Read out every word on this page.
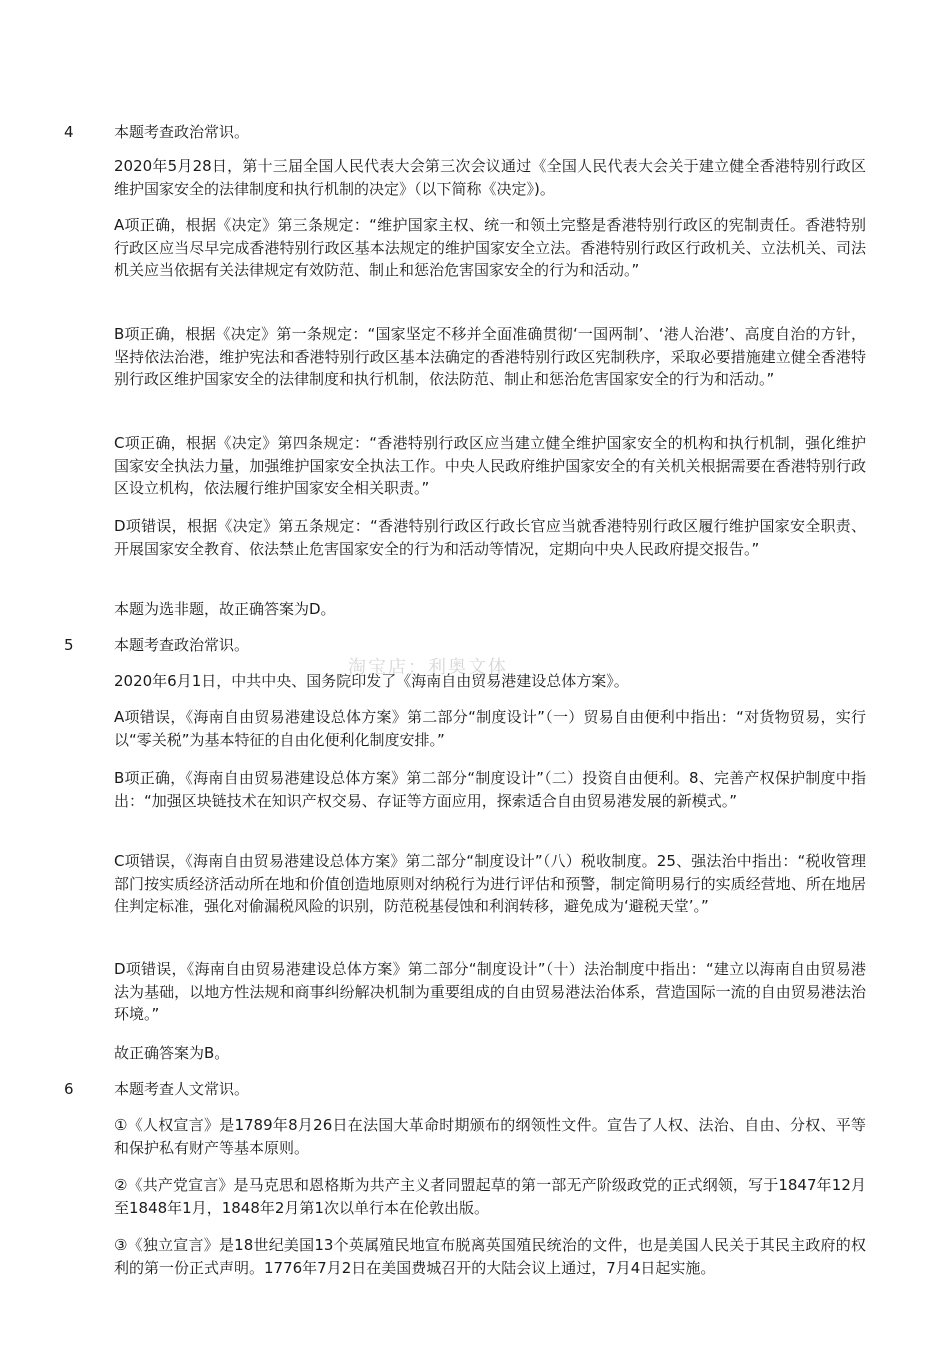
淘宝店：利奥文体
4	本题考查政治常识。
2020年5月28日，第十三届全国人民代表大会第三次会议通过《全国人民代表大会关于建立健全香港特别行政区维护国家安全的法律制度和执行机制的决定》（以下简称《决定》)。
A项正确，根据《决定》第三条规定：“维护国家主权、统一和领土完整是香港特别行政区的宪制责任。香港特别行政区应当尽早完成香港特别行政区基本法规定的维护国家安全立法。香港特别行政区行政机关、立法机关、司法机关应当依据有关法律规定有效防范、制止和惩治危害国家安全的行为和活动。”
B项正确，根据《决定》第一条规定：“国家坚定不移并全面准确贯彻‘一国两制’、‘港人治港’、高度自治的方针，坚持依法治港，维护宪法和香港特别行政区基本法确定的香港特别行政区宪制秩序，采取必要措施建立健全香港特别行政区维护国家安全的法律制度和执行机制，依法防范、制止和惩治危害国家安全的行为和活动。”
C项正确，根据《决定》第四条规定：“香港特别行政区应当建立健全维护国家安全的机构和执行机制，强化维护国家安全执法力量，加强维护国家安全执法工作。中央人民政府维护国家安全的有关机关根据需要在香港特别行政区设立机构，依法履行维护国家安全相关职责。”
D项错误，根据《决定》第五条规定：“香港特别行政区行政长官应当就香港特别行政区履行维护国家安全职责、开展国家安全教育、依法禁止危害国家安全的行为和活动等情况，定期向中央人民政府提交报告。”
本题为选非题，故正确答案为D。
5	本题考查政治常识。
2020年6月1日，中共中央、国务院印发了《海南自由贸易港建设总体方案》。
A项错误，《海南自由贸易港建设总体方案》第二部分“制度设计”（一）贸易自由便利中指出：“对货物贸易，实行以“零关税”为基本特征的自由化便利化制度安排。”
B项正确，《海南自由贸易港建设总体方案》第二部分“制度设计”（二）投资自由便利。8、完善产权保护制度中指出：“加强区块链技术在知识产权交易、存证等方面应用，探索适合自由贸易港发展的新模式。”
C项错误，《海南自由贸易港建设总体方案》第二部分“制度设计”（八）税收制度。25、强法治中指出：“税收管理部门按实质经济活动所在地和价值创造地原则对纳税行为进行评估和预警，制定简明易行的实质经营地、所在地居住判定标准，强化对偷漏税风险的识别，防范税基侵蚀和利润转移，避免成为‘避税天堂’。”
D项错误，《海南自由贸易港建设总体方案》第二部分“制度设计”（十）法治制度中指出：“建立以海南自由贸易港法为基础，以地方性法规和商事纠纷解决机制为重要组成的自由贸易港法治体系，营造国际一流的自由贸易港法治环境。”
故正确答案为B。
6	本题考查人文常识。
①《人权宣言》是1789年8月26日在法国大革命时期颁布的纲领性文件。宣告了人权、法治、自由、分权、平等和保护私有财产等基本原则。
②《共产党宣言》是马克思和恩格斯为共产主义者同盟起草的第一部无产阶级政党的正式纲领，写于1847年12月至1848年1月，1848年2月第1次以单行本在伦敦出版。
③《独立宣言》是18世纪美国13个英属殖民地宣布脱离英国殖民统治的文件，也是美国人民关于其民主政府的权利的第一份正式声明。1776年7月2日在美国费城召开的大陆会议上通过，7月4日起实施。
